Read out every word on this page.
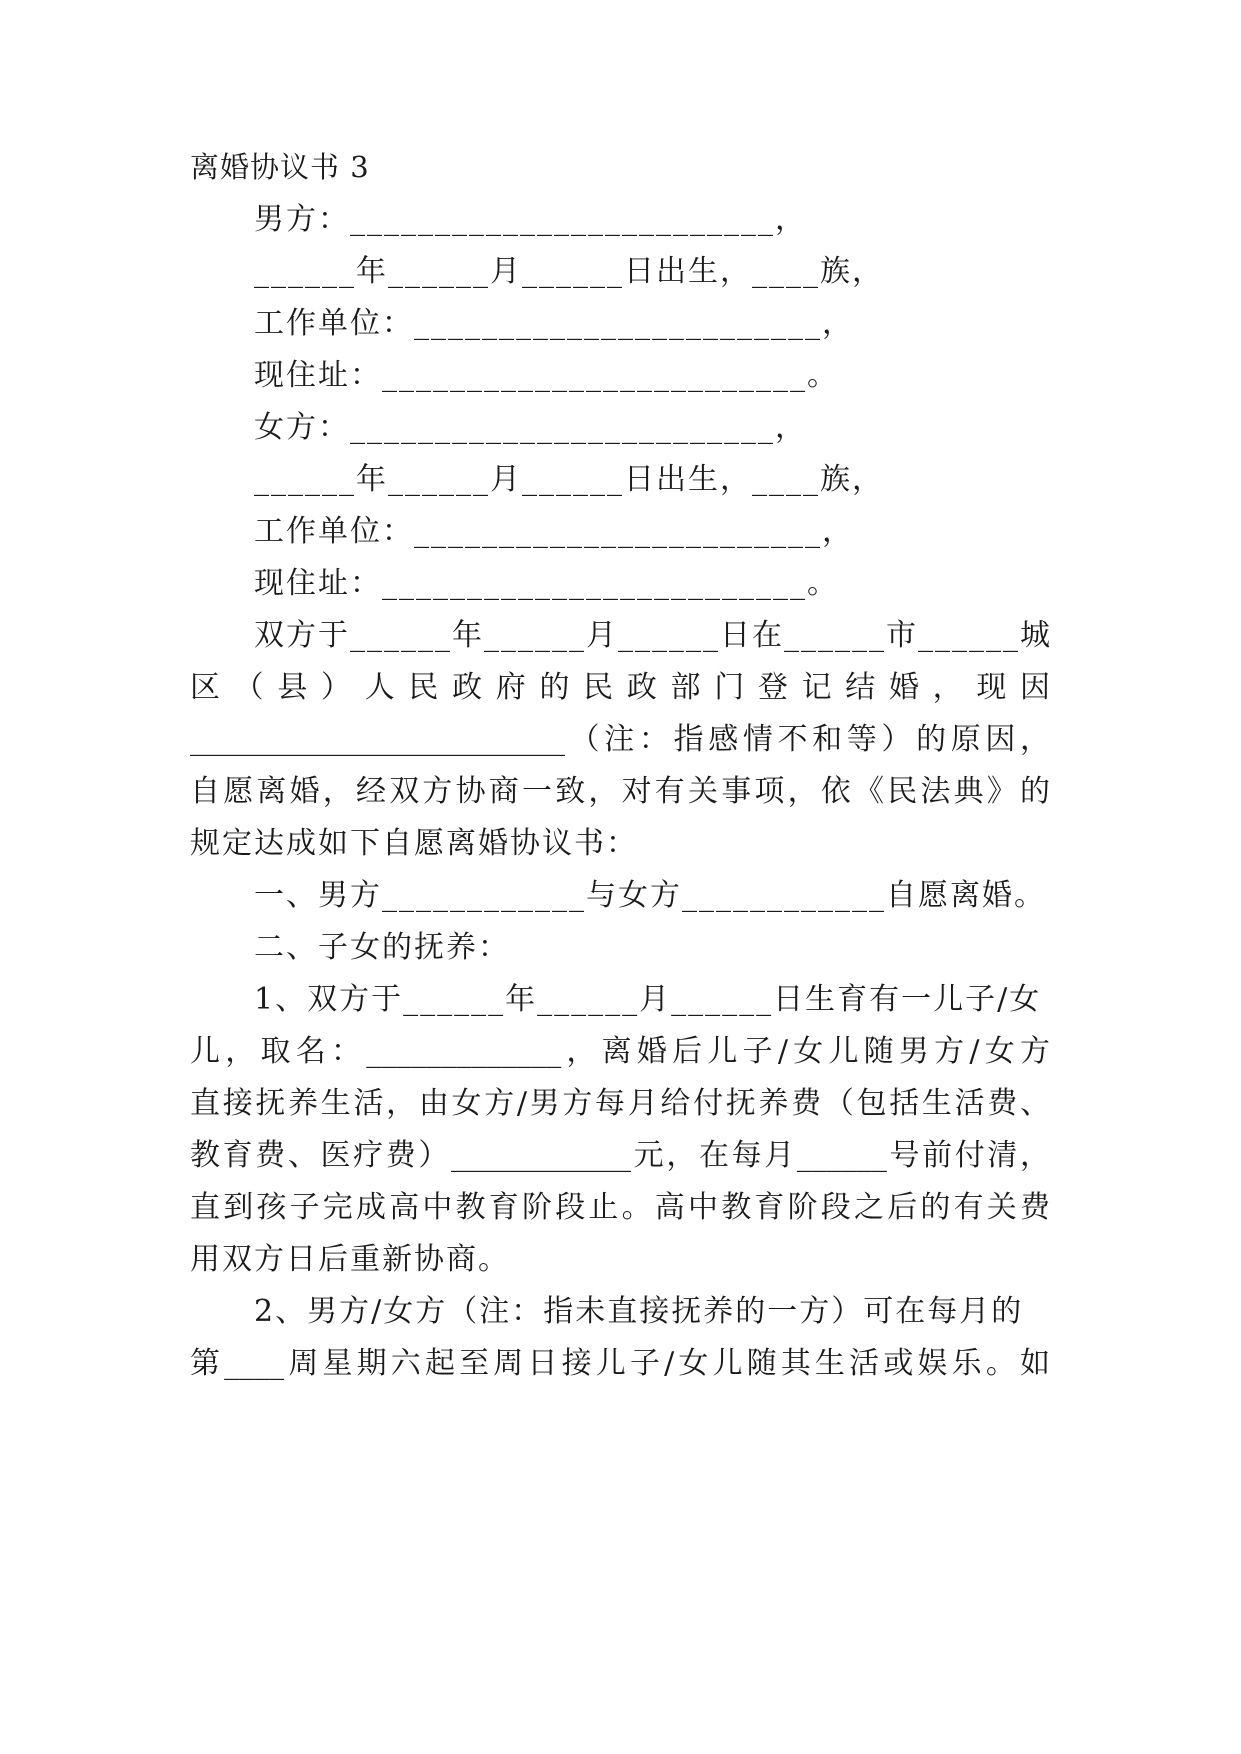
离婚协议书 3
男方：_________________________，
______年______月______日出生，____族，
工作单位：________________________，
现住址：_________________________。
女方：_________________________，
______年______月______日出生，____族，
工作单位：________________________，
现住址：_________________________。
双方于______年______月______日在______市______城
区（县）人民政府的民政部门登记结婚，现因
_________________________（注：指感情不和等）的原因，
自愿离婚，经双方协商一致，对有关事项，依《民法典》的
规定达成如下自愿离婚协议书：
一、男方____________与女方____________自愿离婚。
二、子女的抚养：
1、双方于______年______月______日生育有一儿子/女
儿，取名：_____________，离婚后儿子/女儿随男方/女方
直接抚养生活，由女方/男方每月给付抚养费（包括生活费、
教育费、医疗费）____________元，在每月______号前付清，
直到孩子完成高中教育阶段止。高中教育阶段之后的有关费
用双方日后重新协商。
2、男方/女方（注：指未直接抚养的一方）可在每月的
第____周星期六起至周日接儿子/女儿随其生活或娱乐。如
